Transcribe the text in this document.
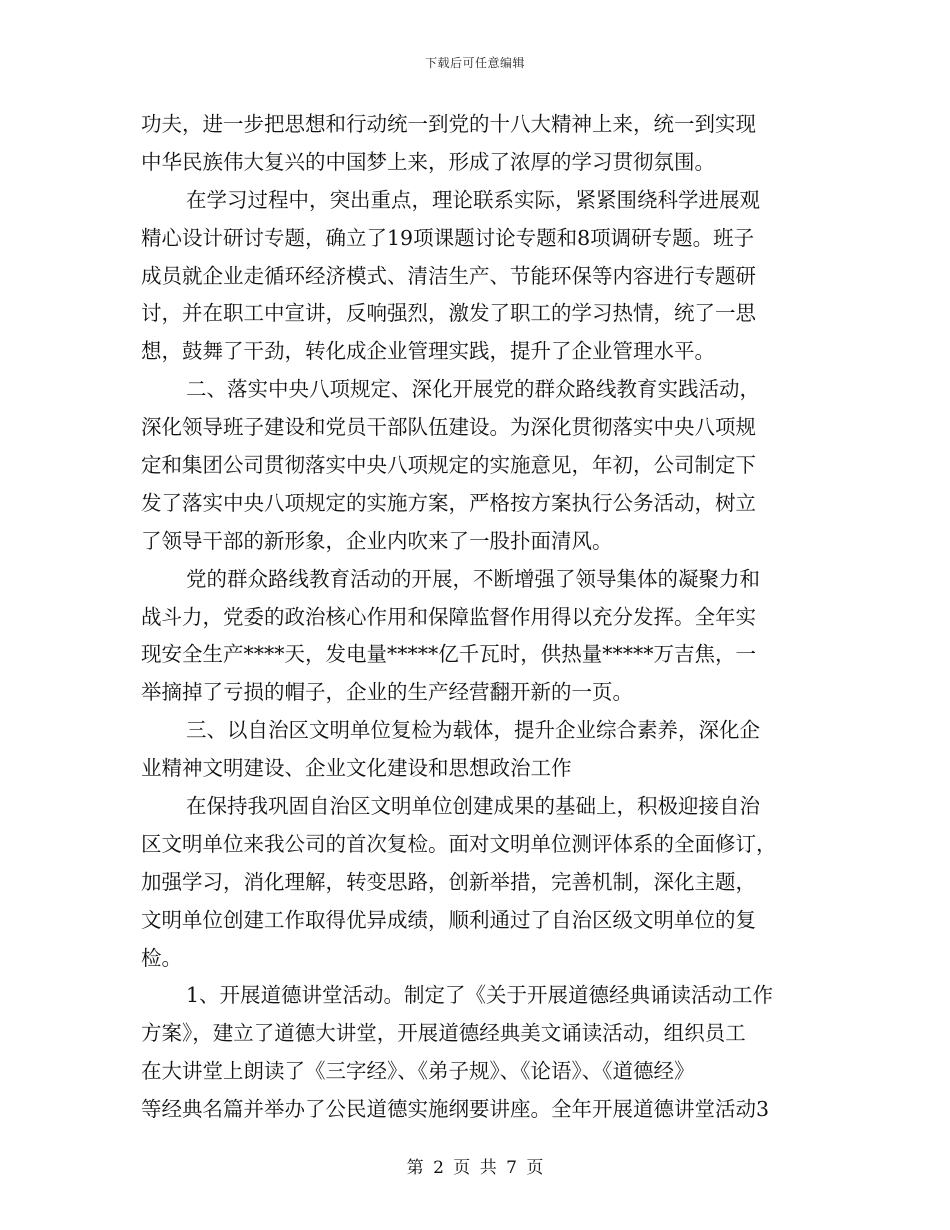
下载后可任意编辑
功夫，进一步把思想和行动统一到党的十八大精神上来，统一到实现
中华民族伟大复兴的中国梦上来，形成了浓厚的学习贯彻氛围。
在学习过程中，突出重点，理论联系实际，紧紧围绕科学进展观
精心设计研讨专题，确立了19项课题讨论专题和8项调研专题。班子
成员就企业走循环经济模式、清洁生产、节能环保等内容进行专题研
讨，并在职工中宣讲，反响强烈，激发了职工的学习热情，统了一思
想，鼓舞了干劲，转化成企业管理实践，提升了企业管理水平。
二、落实中央八项规定、深化开展党的群众路线教育实践活动，
深化领导班子建设和党员干部队伍建设。为深化贯彻落实中央八项规
定和集团公司贯彻落实中央八项规定的实施意见，年初，公司制定下
发了落实中央八项规定的实施方案，严格按方案执行公务活动，树立
了领导干部的新形象，企业内吹来了一股扑面清风。
党的群众路线教育活动的开展，不断增强了领导集体的凝聚力和
战斗力，党委的政治核心作用和保障监督作用得以充分发挥。全年实
现安全生产****天，发电量*****亿千瓦时，供热量*****万吉焦，一
举摘掉了亏损的帽子，企业的生产经营翻开新的一页。
三、以自治区文明单位复检为载体，提升企业综合素养，深化企
业精神文明建设、企业文化建设和思想政治工作
在保持我巩固自治区文明单位创建成果的基础上，积极迎接自治
区文明单位来我公司的首次复检。面对文明单位测评体系的全面修订，
加强学习，消化理解，转变思路，创新举措，完善机制，深化主题，
文明单位创建工作取得优异成绩，顺利通过了自治区级文明单位的复
检。
1、开展道德讲堂活动。制定了《关于开展道德经典诵读活动工作
方案》，建立了道德大讲堂，开展道德经典美文诵读活动，组织员工
在大讲堂上朗读了《三字经》、《弟子规》、《论语》、《道德经》
等经典名篇并举办了公民道德实施纲要讲座。全年开展道德讲堂活动3
第 2 页 共 7 页
